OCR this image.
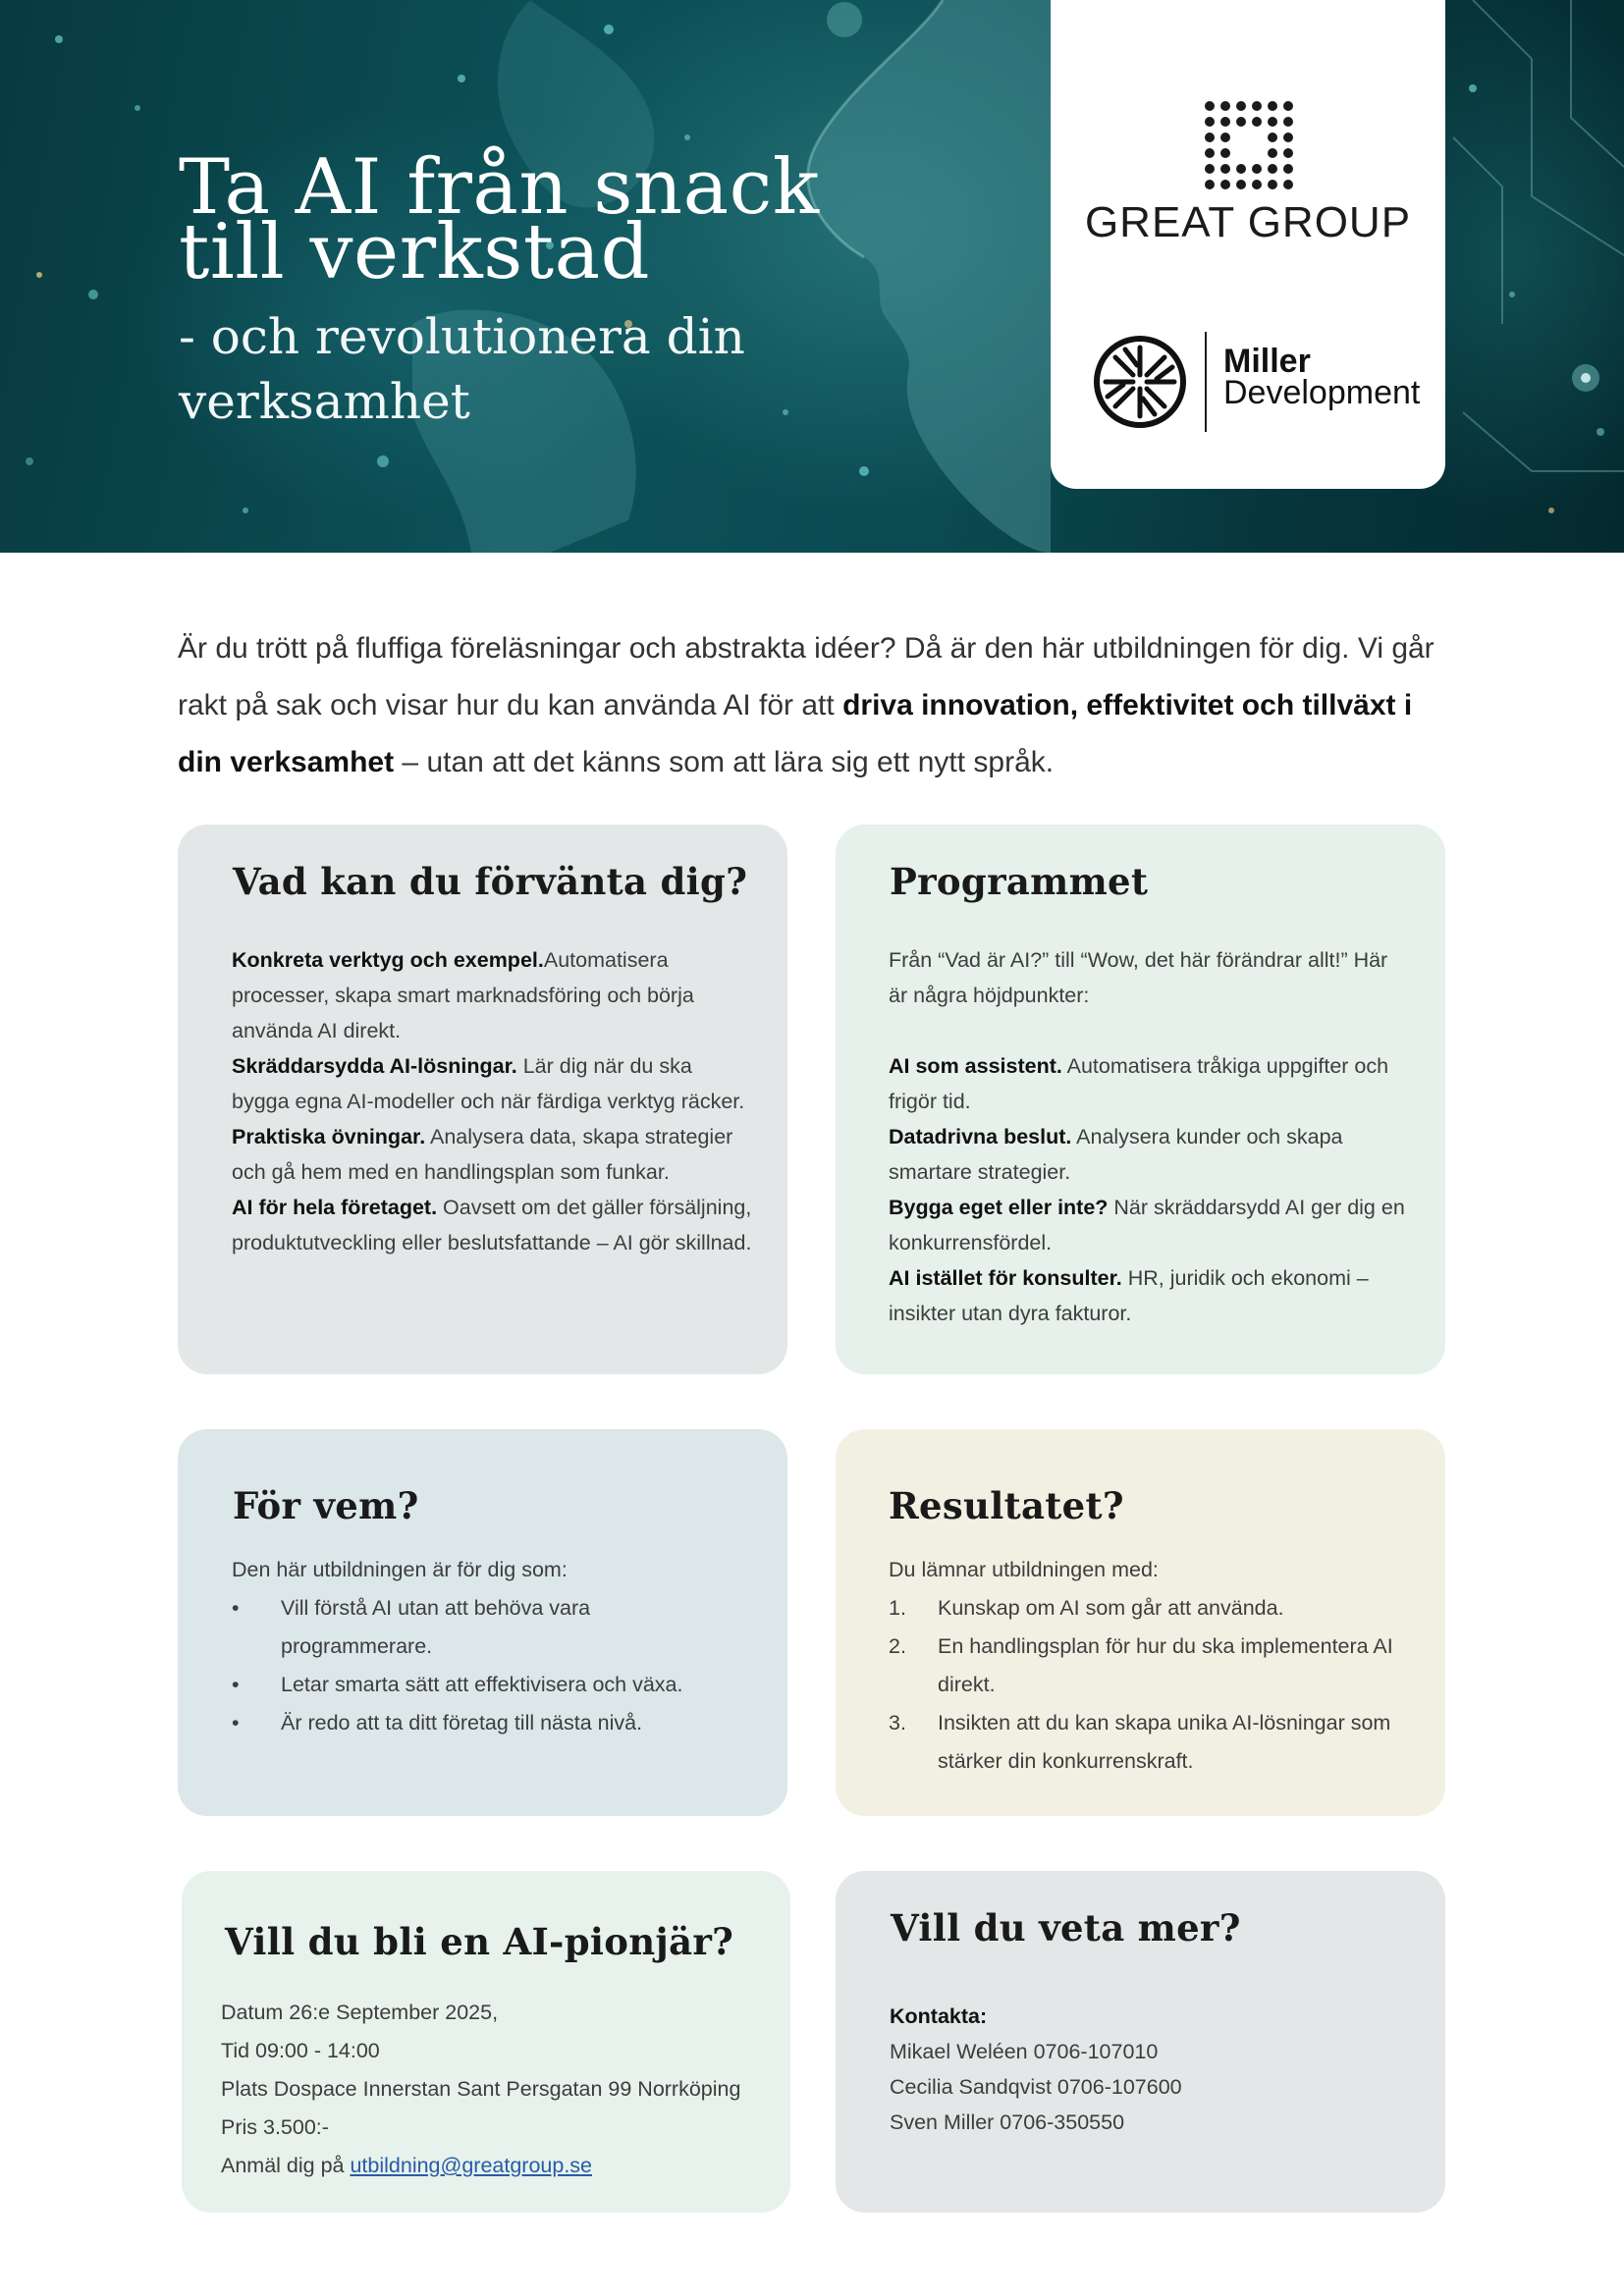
Ta AI från snack till verkstad
- och revolutionera din verksamhet
GREAT GROUP
Miller
Development

Är du trött på fluffiga föreläsningar och abstrakta idéer? Då är den här utbildningen för dig. Vi går rakt på sak och visar hur du kan använda AI för att driva innovation, effektivitet och tillväxt i din verksamhet – utan att det känns som att lära sig ett nytt språk.

Vad kan du förvänta dig?
Konkreta verktyg och exempel.Automatisera processer, skapa smart marknadsföring och börja använda AI direkt.
Skräddarsydda AI-lösningar. Lär dig när du ska bygga egna AI-modeller och när färdiga verktyg räcker.
Praktiska övningar. Analysera data, skapa strategier och gå hem med en handlingsplan som funkar.
AI för hela företaget. Oavsett om det gäller försäljning, produktutveckling eller beslutsfattande – AI gör skillnad.
Programmet
Från “Vad är AI?” till “Wow, det här förändrar allt!” Här är några höjdpunkter:
AI som assistent. Automatisera tråkiga uppgifter och frigör tid.
Datadrivna beslut. Analysera kunder och skapa smartare strategier.
Bygga eget eller inte? När skräddarsydd AI ger dig en konkurrensfördel.
AI istället för konsulter. HR, juridik och ekonomi – insikter utan dyra fakturor.
För vem?
Den här utbildningen är för dig som:
• Vill förstå AI utan att behöva vara programmerare.
• Letar smarta sätt att effektivisera och växa.
• Är redo att ta ditt företag till nästa nivå.
Resultatet?
Du lämnar utbildningen med:
1. Kunskap om AI som går att använda.
2. En handlingsplan för hur du ska implementera AI direkt.
3. Insikten att du kan skapa unika AI-lösningar som stärker din konkurrenskraft.
Vill du bli en AI-pionjär?
Datum 26:e September 2025,
Tid 09:00 - 14:00
Plats Dospace Innerstan Sant Persgatan 99 Norrköping
Pris 3.500:-
Anmäl dig på utbildning@greatgroup.se
Vill du veta mer?
Kontakta:
Mikael Weléen 0706-107010
Cecilia Sandqvist 0706-107600
Sven Miller 0706-350550
